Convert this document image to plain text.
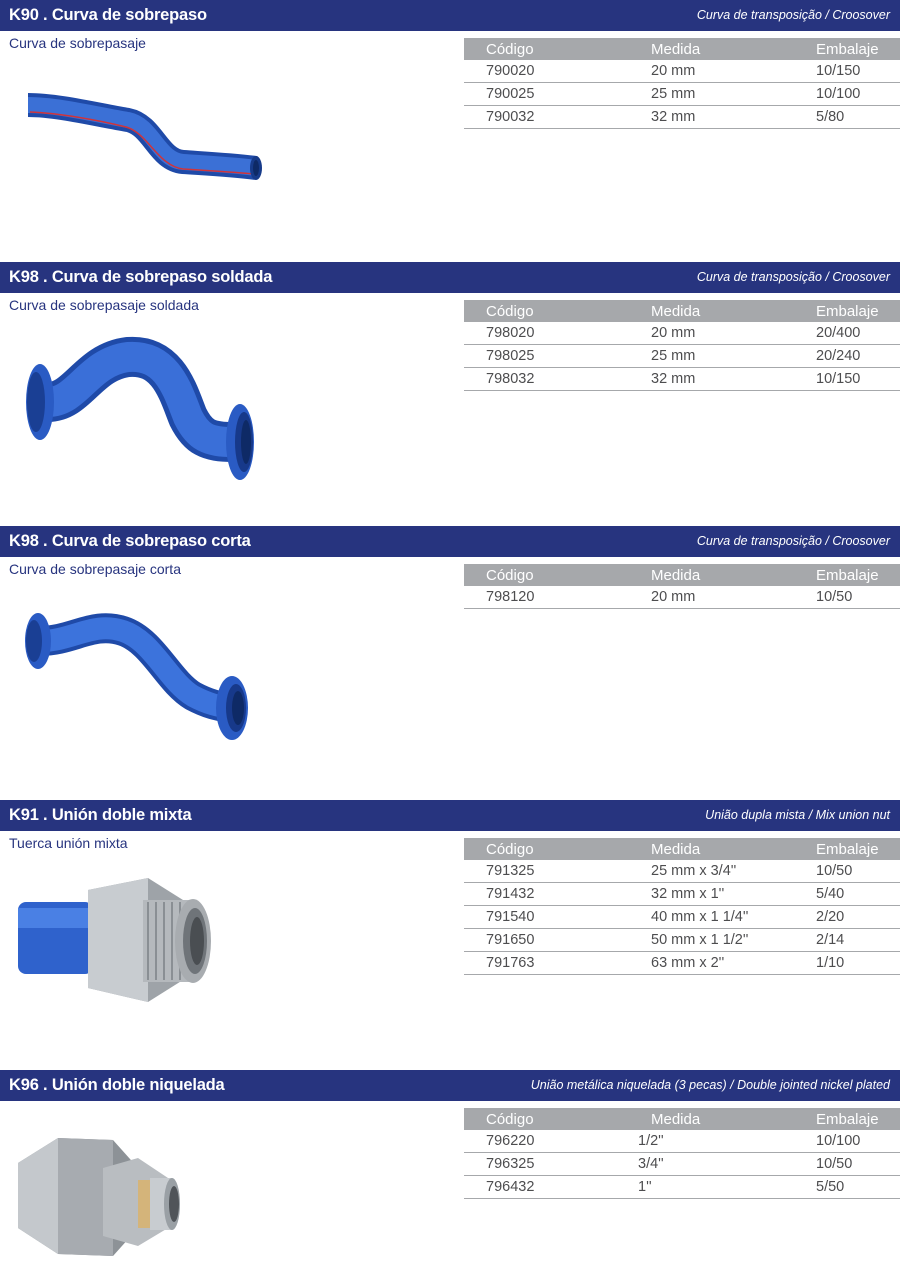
K90 . Curva de sobrepaso	Curva de transposição / Croosover
Curva de sobrepasaje	Código	Medida	Embalaje
790020	20 mm	10/150
790025	25 mm	10/100
790032	32 mm	5/80
K98 . Curva de sobrepaso soldada	Curva de transposição / Croosover
Curva de sobrepasaje soldada	Código	Medida	Embalaje
798020	20 mm	20/400
798025	25 mm	20/240
798032	32 mm	10/150
K98 . Curva de sobrepaso corta	Curva de transposição / Croosover
Curva de sobrepasaje corta	Código	Medida	Embalaje
798120	20 mm	10/50
K91 . Unión doble mixta	União dupla mista / Mix union nut
Tuerca unión mixta	Código	Medida	Embalaje
791325	25 mm x 3/4''	10/50
791432	32 mm x 1''	5/40
791540	40 mm x 1 1/4''	2/20
791650	50 mm x 1 1/2''	2/14
791763	63 mm x 2''	1/10
K96 . Unión doble niquelada	União metálica niquelada (3 pecas) / Double jointed nickel plated
Código	Medida	Embalaje
796220	1/2''	10/100
796325	3/4''	10/50
796432	1''	5/50
